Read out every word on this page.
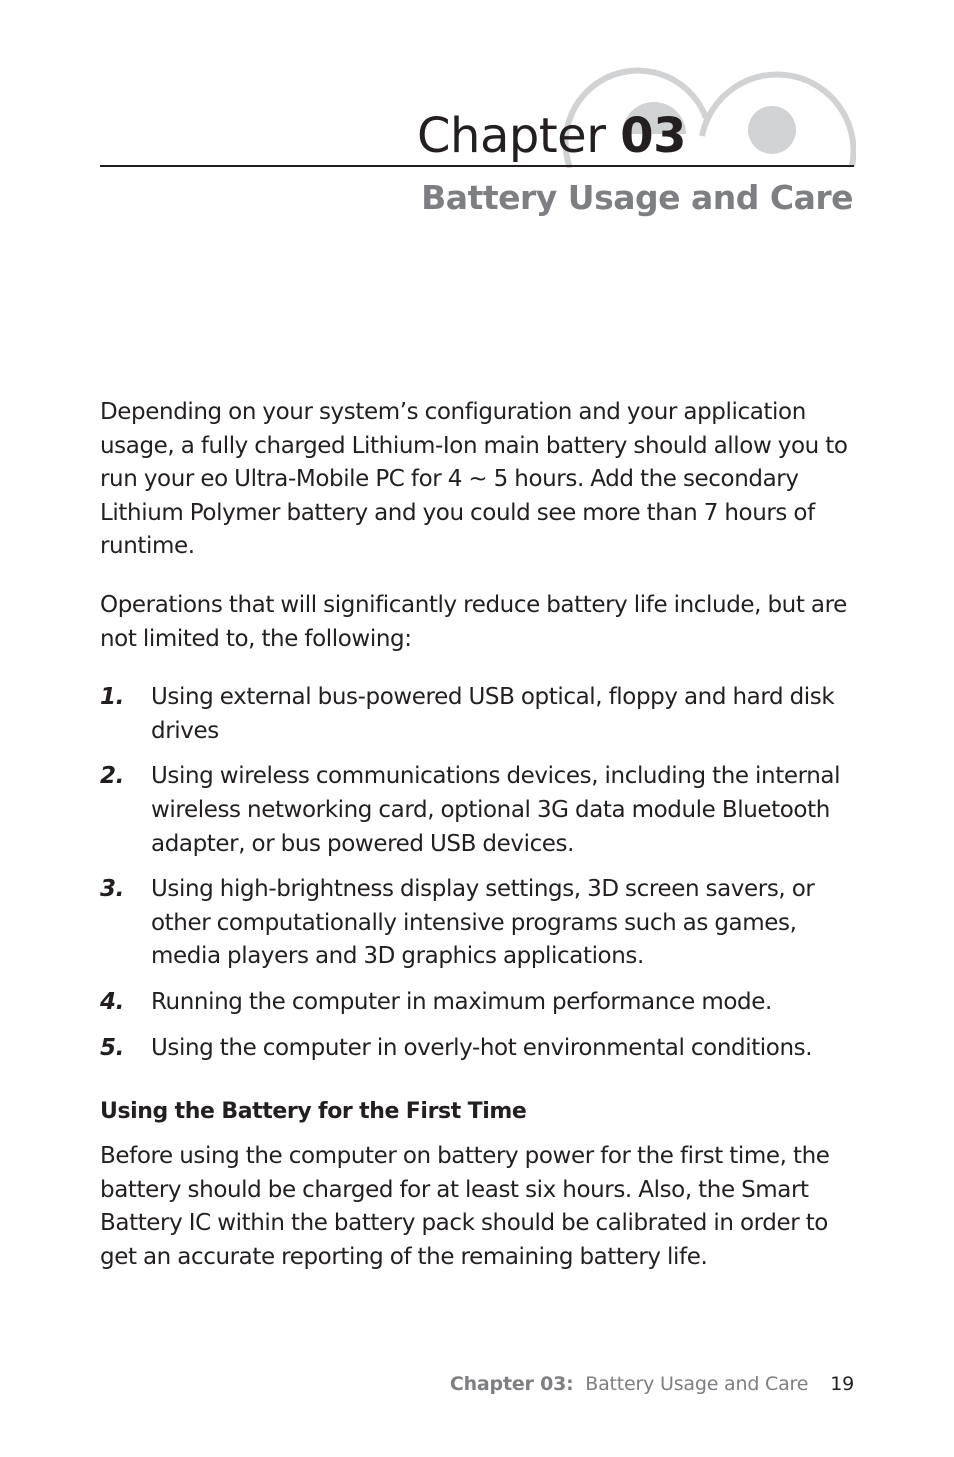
Chapter 03
Battery Usage and Care

Depending on your system’s configuration and your application usage, a fully charged Lithium-Ion main battery should allow you to run your eo Ultra-Mobile PC for 4 ~ 5 hours. Add the secondary Lithium Polymer battery and you could see more than 7 hours of runtime.

Operations that will significantly reduce battery life include, but are not limited to, the following:

1. Using external bus-powered USB optical, floppy and hard disk drives
2. Using wireless communications devices, including the internal wireless networking card, optional 3G data module Bluetooth adapter, or bus powered USB devices.
3. Using high-brightness display settings, 3D screen savers, or other computationally intensive programs such as games, media players and 3D graphics applications.
4. Running the computer in maximum performance mode.
5. Using the computer in overly-hot environmental conditions.

Using the Battery for the First Time

Before using the computer on battery power for the first time, the battery should be charged for at least six hours. Also, the Smart Battery IC within the battery pack should be calibrated in order to get an accurate reporting of the remaining battery life.

Chapter 03: Battery Usage and Care 19
